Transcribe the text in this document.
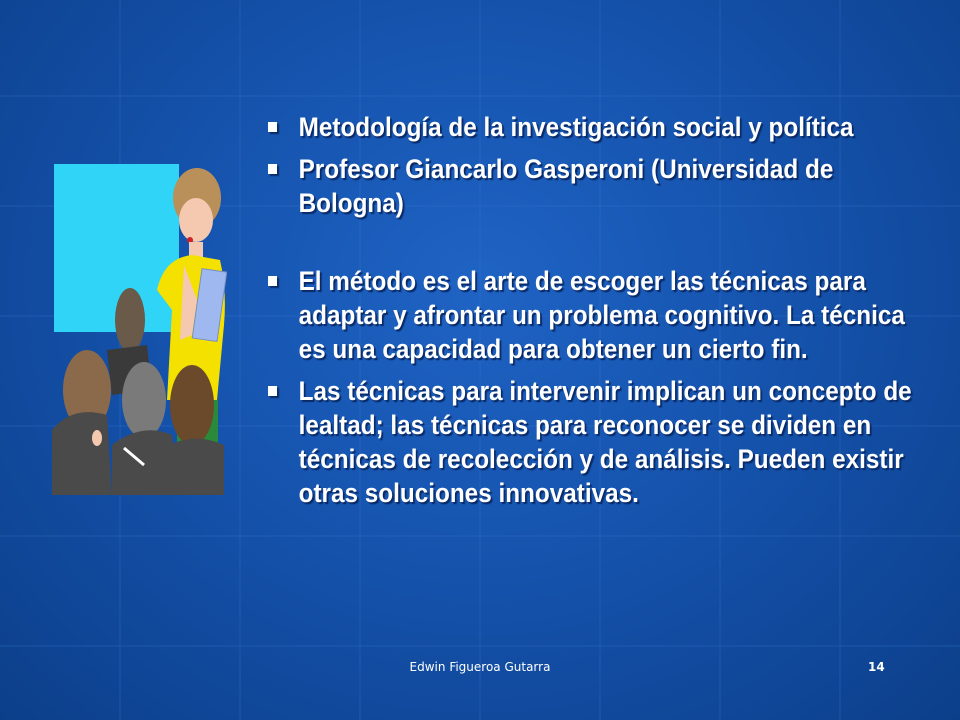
Metodología de la investigación social y política
Profesor Giancarlo Gasperoni (Universidad de Bologna)
El método es el arte de escoger las técnicas para adaptar y afrontar un problema cognitivo. La técnica es una capacidad para obtener un cierto fin.
Las técnicas para intervenir implican un concepto de lealtad; las técnicas para reconocer se dividen en técnicas de recolección y de análisis. Pueden existir otras soluciones innovativas.
Edwin Figueroa Gutarra	14
